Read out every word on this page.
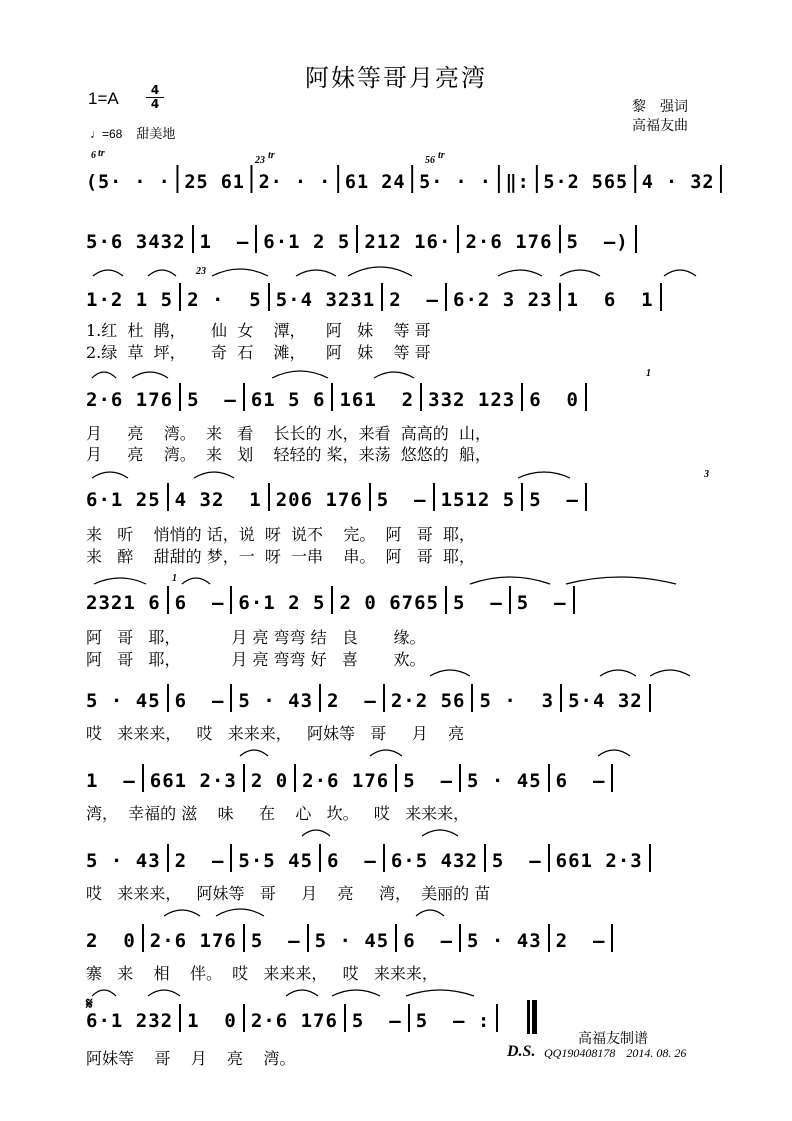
阿妹等哥月亮湾
1=A	4
4
♩=68 甜美地
黎　强词
高福友曲
6 tr
23 tr	56 tr
23
1
1
3
(5· · · 25 61 2· · · 61 24 5· · · ‖: 5·2 565 4 · 32
5·6 3432 1  – 6·1 2 5 212 16· 2·6 176 5  –)
1·2 1 5 2 ·  5 5·4 3231 2  – 6·2 3 23 1  6  1
2·6 176 5  – 61 5 6 161  2 332 123 6  0
6·1 25 4 32  1 206 176 5  – 1512 5 5  –
2321 6 6  – 6·1 2 5 2 0 6765 5  – 5  –
5 · 45 6  – 5 · 43 2  – 2·2 56 5 ·  3 5·4 32
1  – 661 2·3 2 0 2·6 176 5  – 5 · 45 6  –
5 · 43 2  – 5·5 45 6  – 6·5 432 5  – 661 2·3
2  0 2·6 176 5  – 5 · 45 6  – 5 · 43 2  –
6·1 232 1  0 2·6 176 5  – 5  – :
1.红  杜  鹃，     仙  女    潭，    阿   妹    等 哥
2.绿  草  坪，     奇  石    滩，    阿   妹    等 哥
月     亮    湾。  来   看    长长的 水，来看  高高的  山，
月     亮    湾。  来   划    轻轻的 桨，来荡  悠悠的  船，
来   听    悄悄的 话，说  呀  说不    完。  阿   哥  耶，
来   醉    甜甜的 梦，一  呀  一串    串。  阿   哥  耶，
阿   哥   耶，          月 亮 弯弯 结   良       缘。
阿   哥   耶，          月 亮 弯弯 好   喜       欢。
哎   来来来，   哎   来来来，   阿妹等   哥     月    亮
湾，  幸福的 滋    味     在    心   坎。   哎   来来来，
哎   来来来，   阿妹等   哥     月    亮     湾，  美丽的 苗
寨   来    相    伴。  哎   来来来，   哎   来来来，
阿妹等    哥    月    亮    湾。
𝄋
高福友制谱
D.S. QQ190408178 2014. 08. 26
